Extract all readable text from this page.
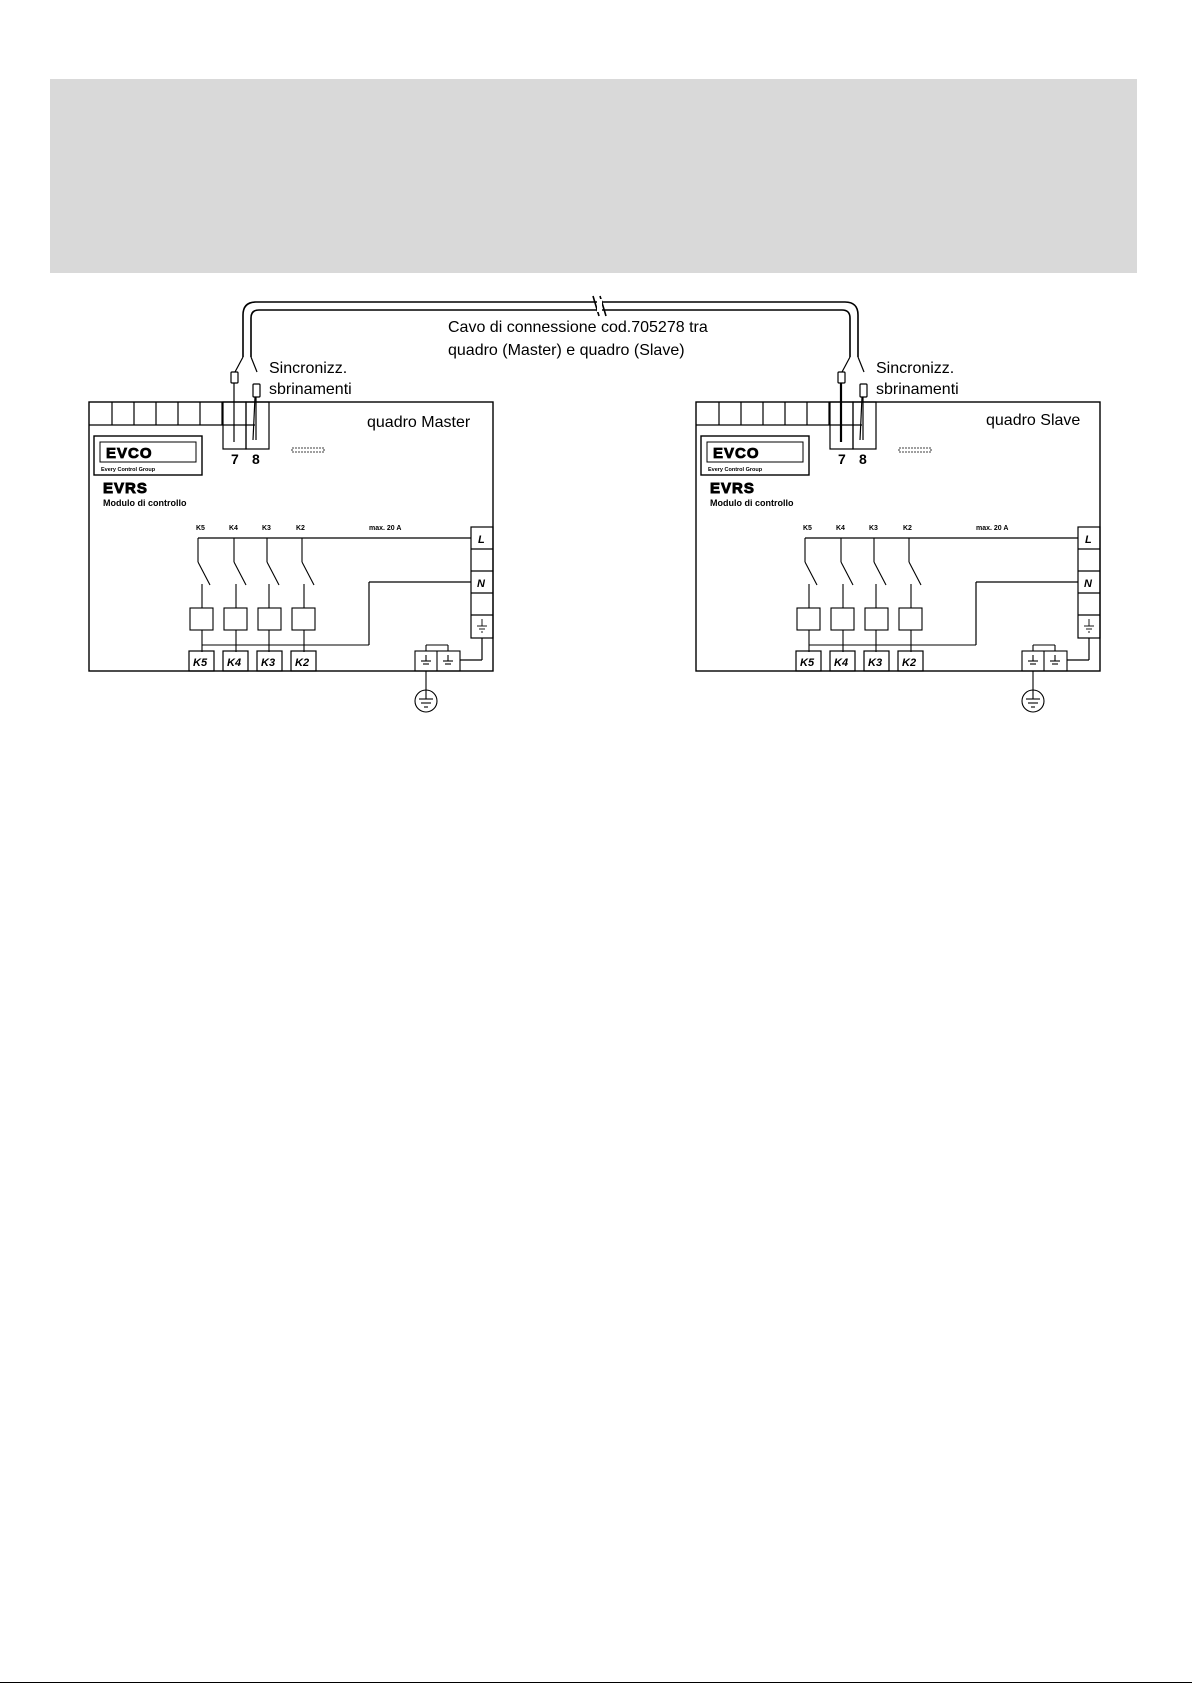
Cavo di connessione cod.705278 tra
quadro (Master) e quadro (Slave)
7 8
Sincronizz.
sbrinamenti
quadro Master
EVCO
Every Control Group
EVRS
Modulo di controllo
K5	K4	K3	K2	max. 20 A
L
N
K5 K4 K3 K2
7 8
Sincronizz.
sbrinamenti
quadro Slave
EVCO
Every Control Group
EVRS
Modulo di controllo
K5	K4	K3	K2	max. 20 A
L
N
K5 K4 K3 K2
